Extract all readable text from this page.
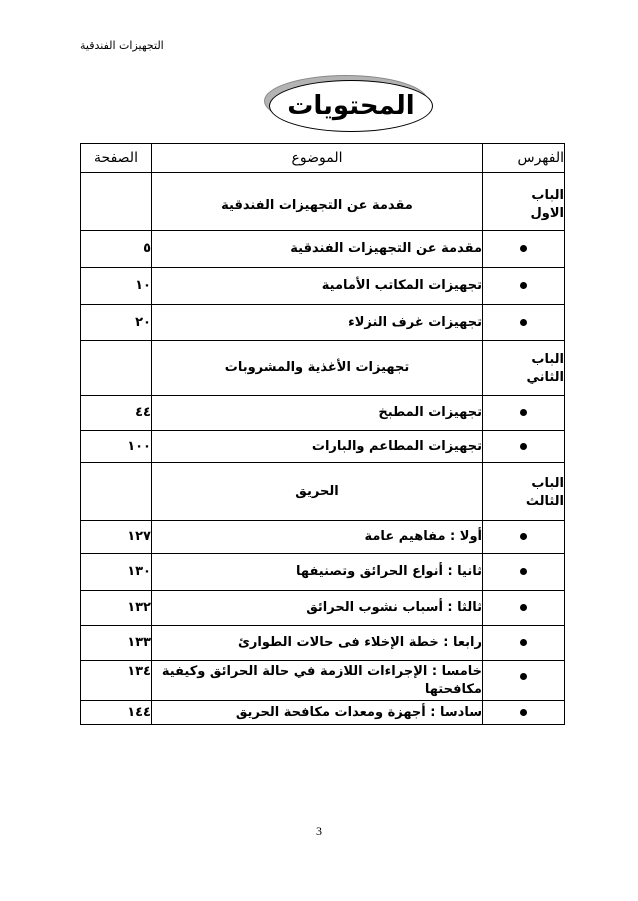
التجهيزات الفندقية
المحتويات
الفهرس	الموضوع	الصفحة

الباب الاول	مقدمة عن التجهيزات الفندقية	
	مقدمة عن التجهيزات الفندقية	٥
	تجهيزات المكاتب الأمامية	١٠
	تجهيزات غرف النزلاء	٢٠

الباب الثاني	تجهيزات الأغذية والمشروبات	
	تجهيزات المطبخ	٤٤
	تجهيزات المطاعم والبارات	١٠٠

الباب الثالث	الحريق	
	أولا : مفاهيم عامة	١٢٧
	ثانيا : أنواع الحرائق وتصنيفها	١٣٠
	ثالثا : أسباب نشوب الحرائق	١٣٢
	رابعا : خطة الإخلاء فى حالات الطوارئ	١٣٣

	خامسا : الإجراءات اللازمة في حالة الحرائق وكيفية
مكافحتها	١٣٤
	سادسا : أجهزة ومعدات مكافحة الحريق	١٤٤
3
